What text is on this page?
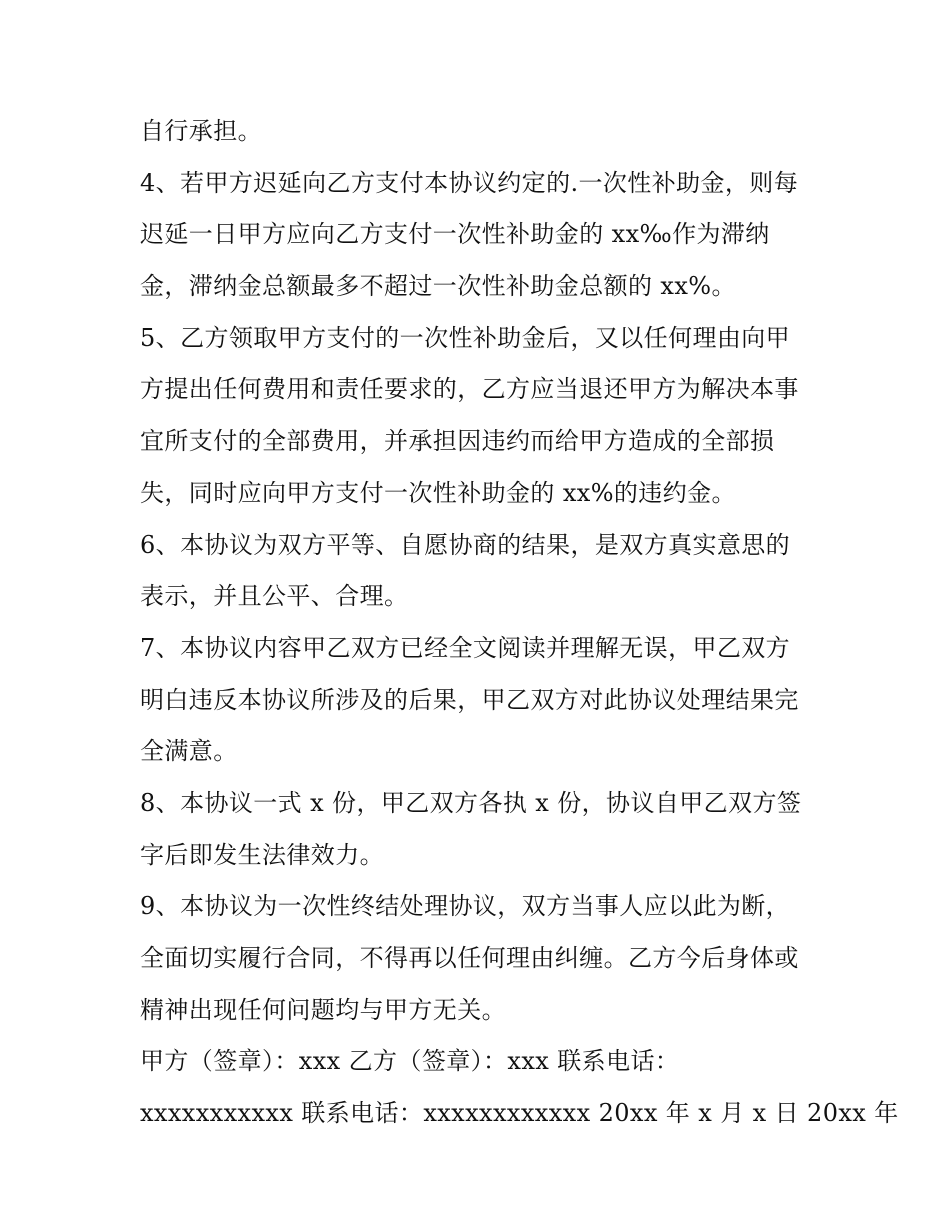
自行承担。
4、若甲方迟延向乙方支付本协议约定的.一次性补助金，则每
迟延一日甲方应向乙方支付一次性补助金的 xx‰作为滞纳
金，滞纳金总额最多不超过一次性补助金总额的 xx%。
5、乙方领取甲方支付的一次性补助金后，又以任何理由向甲
方提出任何费用和责任要求的，乙方应当退还甲方为解决本事
宜所支付的全部费用，并承担因违约而给甲方造成的全部损
失，同时应向甲方支付一次性补助金的 xx%的违约金。
6、本协议为双方平等、自愿协商的结果，是双方真实意思的
表示，并且公平、合理。
7、本协议内容甲乙双方已经全文阅读并理解无误，甲乙双方
明白违反本协议所涉及的后果，甲乙双方对此协议处理结果完
全满意。
8、本协议一式 x 份，甲乙双方各执 x 份，协议自甲乙双方签
字后即发生法律效力。
9、本协议为一次性终结处理协议，双方当事人应以此为断，
全面切实履行合同，不得再以任何理由纠缠。乙方今后身体或
精神出现任何问题均与甲方无关。
甲方（签章）：xxx 乙方（签章）：xxx 联系电话：
xxxxxxxxxxx 联系电话：xxxxxxxxxxxx 20xx 年 x 月 x 日 20xx 年
